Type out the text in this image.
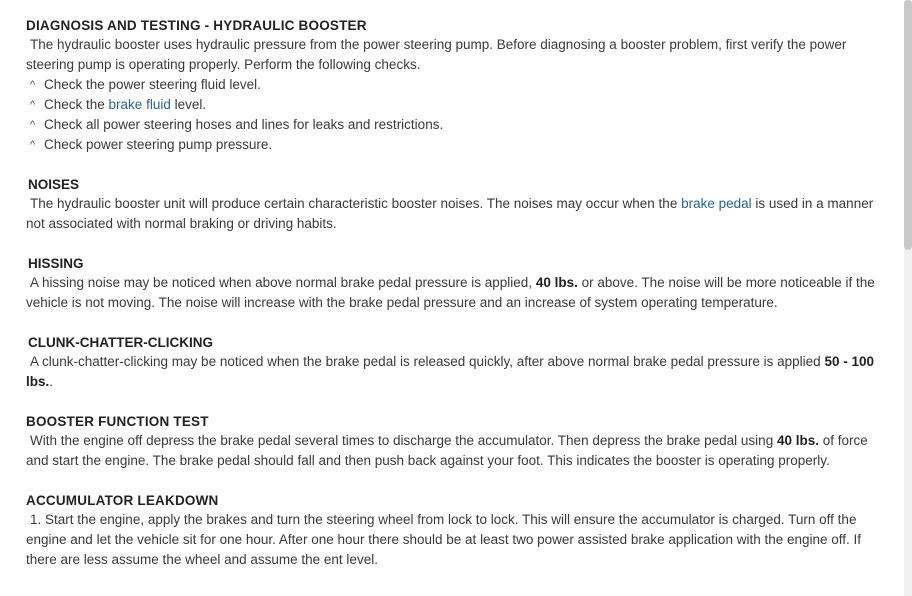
DIAGNOSIS AND TESTING - HYDRAULIC BOOSTER

The hydraulic booster uses hydraulic pressure from the power steering pump. Before diagnosing a booster problem, first verify the power steering pump is operating properly. Perform the following checks.

^ Check the power steering fluid level.
^ Check the brake fluid level.
^ Check all power steering hoses and lines for leaks and restrictions.
^ Check power steering pump pressure.
NOISES

The hydraulic booster unit will produce certain characteristic booster noises. The noises may occur when the brake pedal is used in a manner not associated with normal braking or driving habits.

HISSING

A hissing noise may be noticed when above normal brake pedal pressure is applied, 40 lbs. or above. The noise will be more noticeable if the vehicle is not moving. The noise will increase with the brake pedal pressure and an increase of system operating temperature.

CLUNK-CHATTER-CLICKING

A clunk-chatter-clicking may be noticed when the brake pedal is released quickly, after above normal brake pedal pressure is applied 50 - 100 lbs..

BOOSTER FUNCTION TEST

With the engine off depress the brake pedal several times to discharge the accumulator. Then depress the brake pedal using 40 lbs. of force and start the engine. The brake pedal should fall and then push back against your foot. This indicates the booster is operating properly.

ACCUMULATOR LEAKDOWN

1. Start the engine, apply the brakes and turn the steering wheel from lock to lock. This will ensure the accumulator is charged. Turn off the engine and let the vehicle sit for one hour. After one hour there should be at least two power assisted brake application with the engine off. If there are less assume the wheel and assume the ent level.
